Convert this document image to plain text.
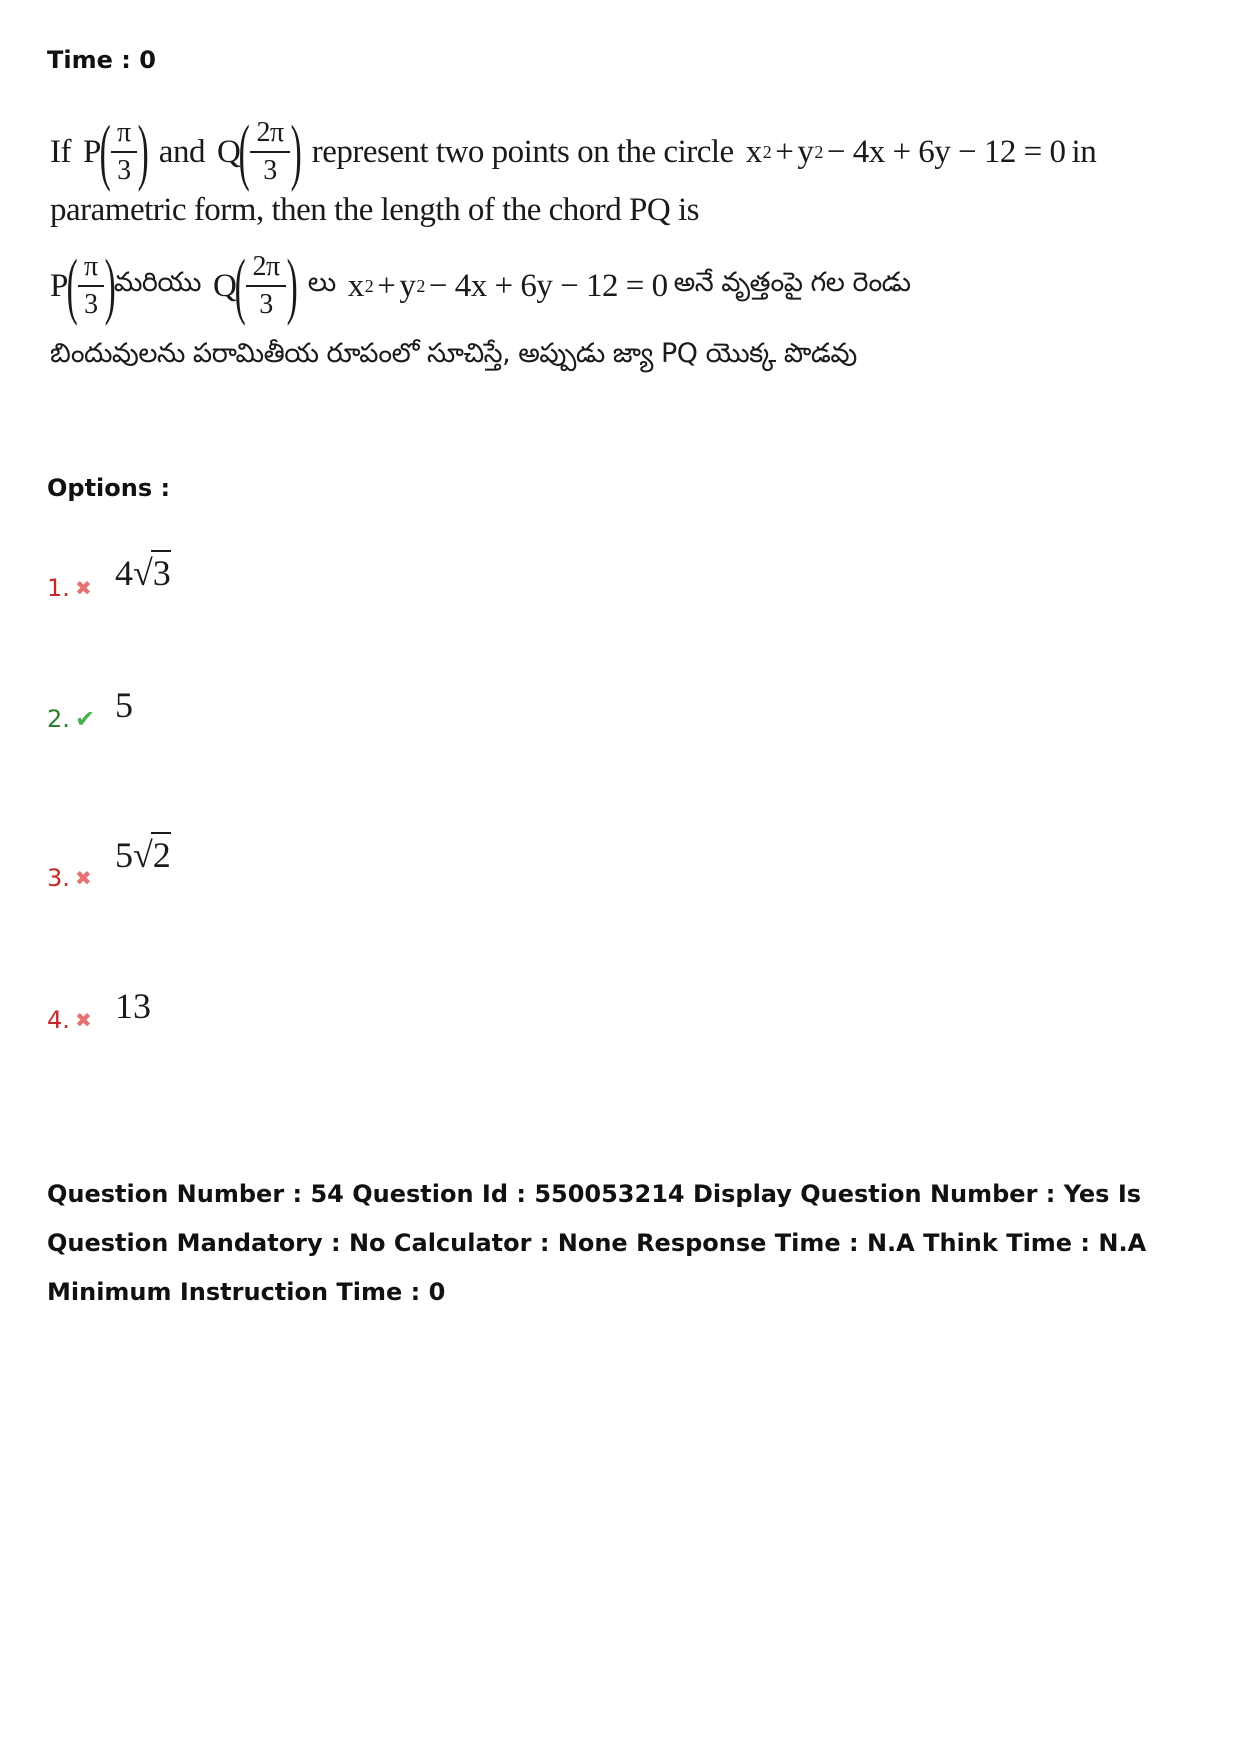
Time : 0

If P
( $\frac{\pi}{3}$ ) and Q
( $\frac{2\pi}{3}$ ) represent two points on the circle x 2 + y 2 − 4x + 6y − 12 = 0 in
parametric form, then the length of the chord PQ is
P
( $\frac{\pi}{3}$ )
మరియు Q
( $\frac{2\pi}{3}$ ) లు x 2 + y 2 − 4x + 6y − 12 = 0 అనే వృత్తంపై గల రెండు
బిందువులను పరామితీయ రూపంలో సూచిస్తే, అప్పుడు జ్యా PQ యొక్క పొడవు

Options :

1. ✖ 4√3
2. ✔ 5
3. ✖
5√2
4. ✖ 13

Question Number : 54 Question Id : 550053214 Display Question Number : Yes Is Question Mandatory : No Calculator : None Response Time : N.A Think Time : N.A Minimum Instruction Time : 0
